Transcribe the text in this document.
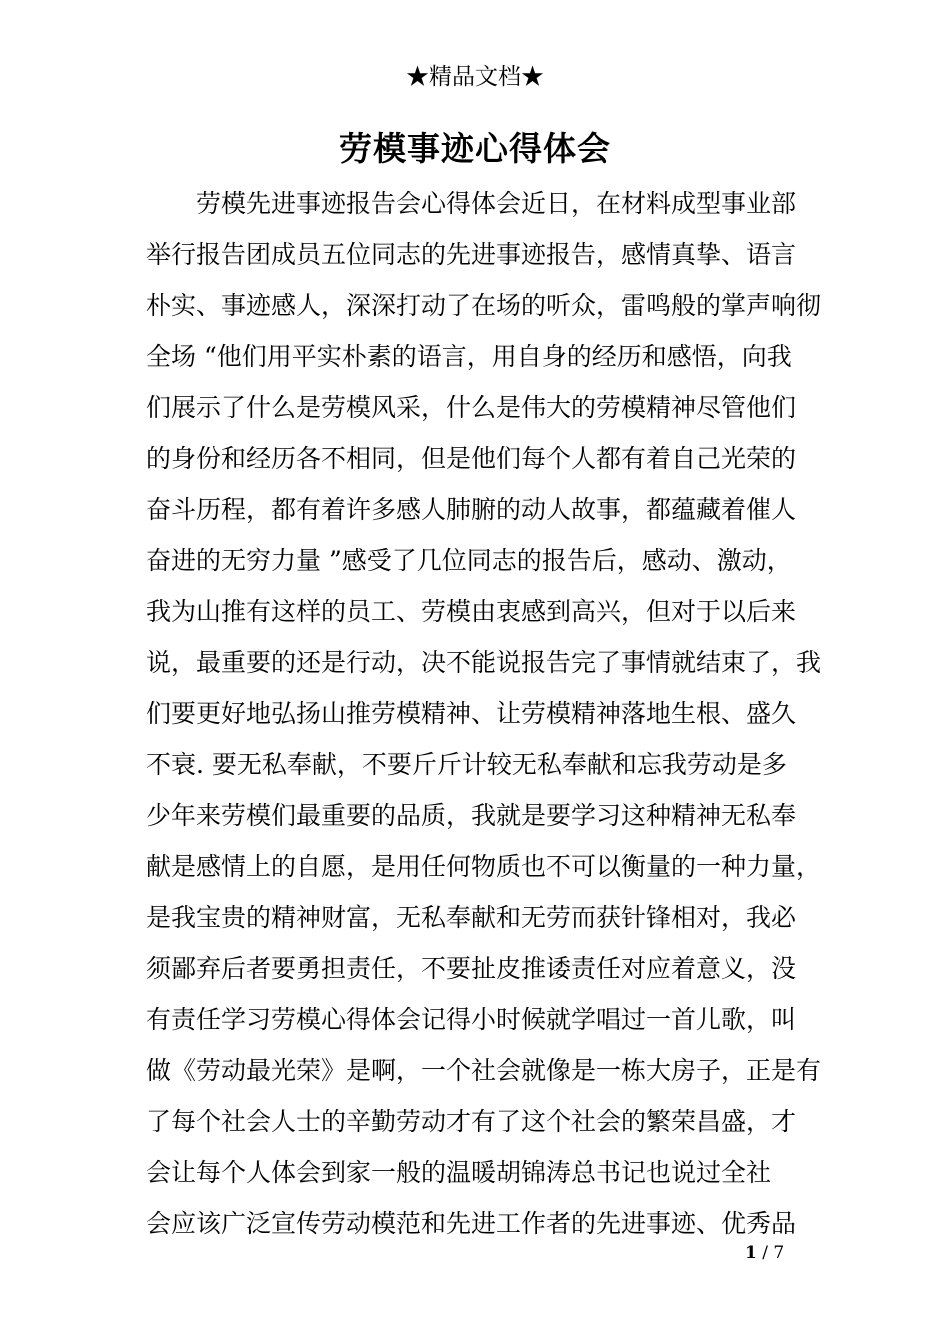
★精品文档★
劳模事迹心得体会
劳模先进事迹报告会心得体会近日，在材料成型事业部
举行报告团成员五位同志的先进事迹报告，感情真挚、语言
朴实、事迹感人，深深打动了在场的听众，雷鸣般的掌声响彻
全场 “他们用平实朴素的语言，用自身的经历和感悟，向我
们展示了什么是劳模风采，什么是伟大的劳模精神尽管他们
的身份和经历各不相同，但是他们每个人都有着自己光荣的
奋斗历程，都有着许多感人肺腑的动人故事，都蕴藏着催人
奋进的无穷力量 ”感受了几位同志的报告后，感动、激动，
我为山推有这样的员工、劳模由衷感到高兴，但对于以后来
说，最重要的还是行动，决不能说报告完了事情就结束了，我
们要更好地弘扬山推劳模精神、让劳模精神落地生根、盛久
不衰. 要无私奉献，不要斤斤计较无私奉献和忘我劳动是多
少年来劳模们最重要的品质，我就是要学习这种精神无私奉
献是感情上的自愿，是用任何物质也不可以衡量的一种力量，
是我宝贵的精神财富，无私奉献和无劳而获针锋相对，我必
须鄙弃后者要勇担责任，不要扯皮推诿责任对应着意义，没
有责任学习劳模心得体会记得小时候就学唱过一首儿歌，叫
做《劳动最光荣》是啊，一个社会就像是一栋大房子，正是有
了每个社会人士的辛勤劳动才有了这个社会的繁荣昌盛，才
会让每个人体会到家一般的温暖胡锦涛总书记也说过全社
会应该广泛宣传劳动模范和先进工作者的先进事迹、优秀品
1 / 7
